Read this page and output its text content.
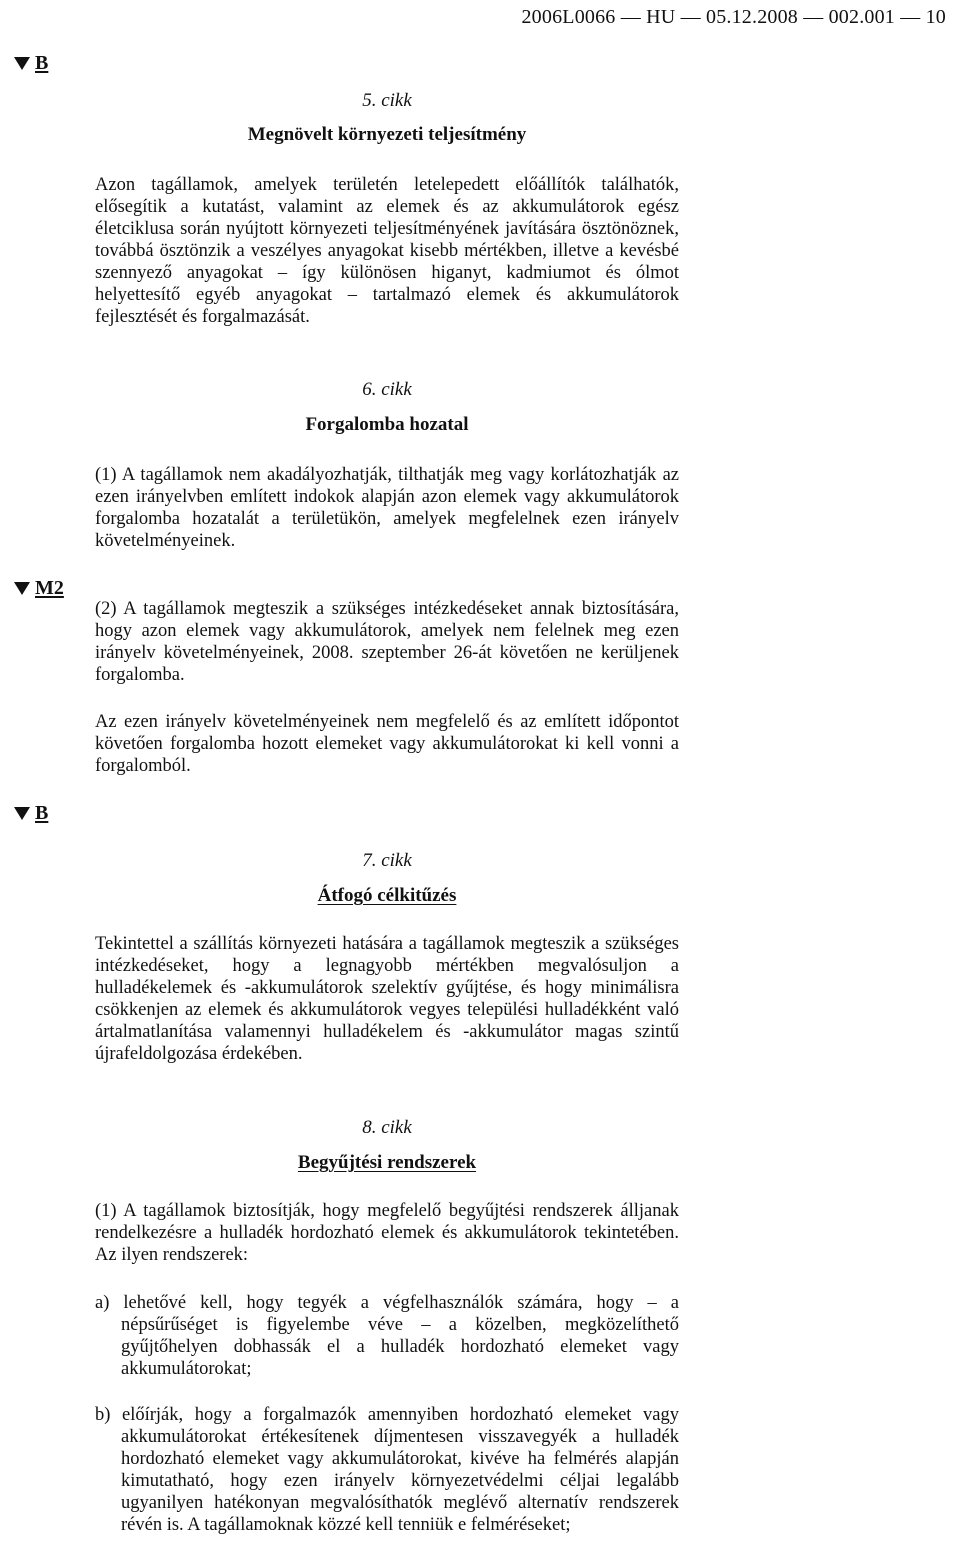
2006L0066 — HU — 05.12.2008 — 002.001 — 10
B
5. cikk
Megnövelt környezeti teljesítmény
Azon tagállamok, amelyek területén letelepedett előállítók találhatók, elősegítik a kutatást, valamint az elemek és az akkumulátorok egész életciklusa során nyújtott környezeti teljesítményének javítására ösztönöznek, továbbá ösztönzik a veszélyes anyagokat kisebb mértékben, illetve a kevésbé szennyező anyagokat – így különösen higanyt, kadmiumot és ólmot helyettesítő egyéb anyagokat – tartalmazó elemek és akkumulátorok fejlesztését és forgalmazását.
6. cikk
Forgalomba hozatal
(1) A tagállamok nem akadályozhatják, tilthatják meg vagy korlátozhatják az ezen irányelvben említett indokok alapján azon elemek vagy akkumulátorok forgalomba hozatalát a területükön, amelyek megfelelnek ezen irányelv követelményeinek.
M2
(2) A tagállamok megteszik a szükséges intézkedéseket annak biztosítására, hogy azon elemek vagy akkumulátorok, amelyek nem felelnek meg ezen irányelv követelményeinek, 2008. szeptember 26-át követően ne kerüljenek forgalomba.
Az ezen irányelv követelményeinek nem megfelelő és az említett időpontot követően forgalomba hozott elemeket vagy akkumulátorokat ki kell vonni a forgalomból.
B
7. cikk
Átfogó célkitűzés
Tekintettel a szállítás környezeti hatására a tagállamok megteszik a szükséges intézkedéseket, hogy a legnagyobb mértékben megvalósuljon a hulladékelemek és -akkumulátorok szelektív gyűjtése, és hogy minimálisra csökkenjen az elemek és akkumulátorok vegyes települési hulladékként való ártalmatlanítása valamennyi hulladékelem és -akkumulátor magas szintű újrafeldolgozása érdekében.
8. cikk
Begyűjtési rendszerek
(1) A tagállamok biztosítják, hogy megfelelő begyűjtési rendszerek álljanak rendelkezésre a hulladék hordozható elemek és akkumulátorok tekintetében. Az ilyen rendszerek:
a) lehetővé kell, hogy tegyék a végfelhasználók számára, hogy – a népsűrűséget is figyelembe véve – a közelben, megközelíthető gyűjtőhelyen dobhassák el a hulladék hordozható elemeket vagy akkumulátorokat;
b) előírják, hogy a forgalmazók amennyiben hordozható elemeket vagy akkumulátorokat értékesítenek díjmentesen visszavegyék a hulladék hordozható elemeket vagy akkumulátorokat, kivéve ha felmérés alapján kimutatható, hogy ezen irányelv környezetvédelmi céljai legalább ugyanilyen hatékonyan megvalósíthatók meglévő alternatív rendszerek révén is. A tagállamoknak közzé kell tenniük e felméréseket;
